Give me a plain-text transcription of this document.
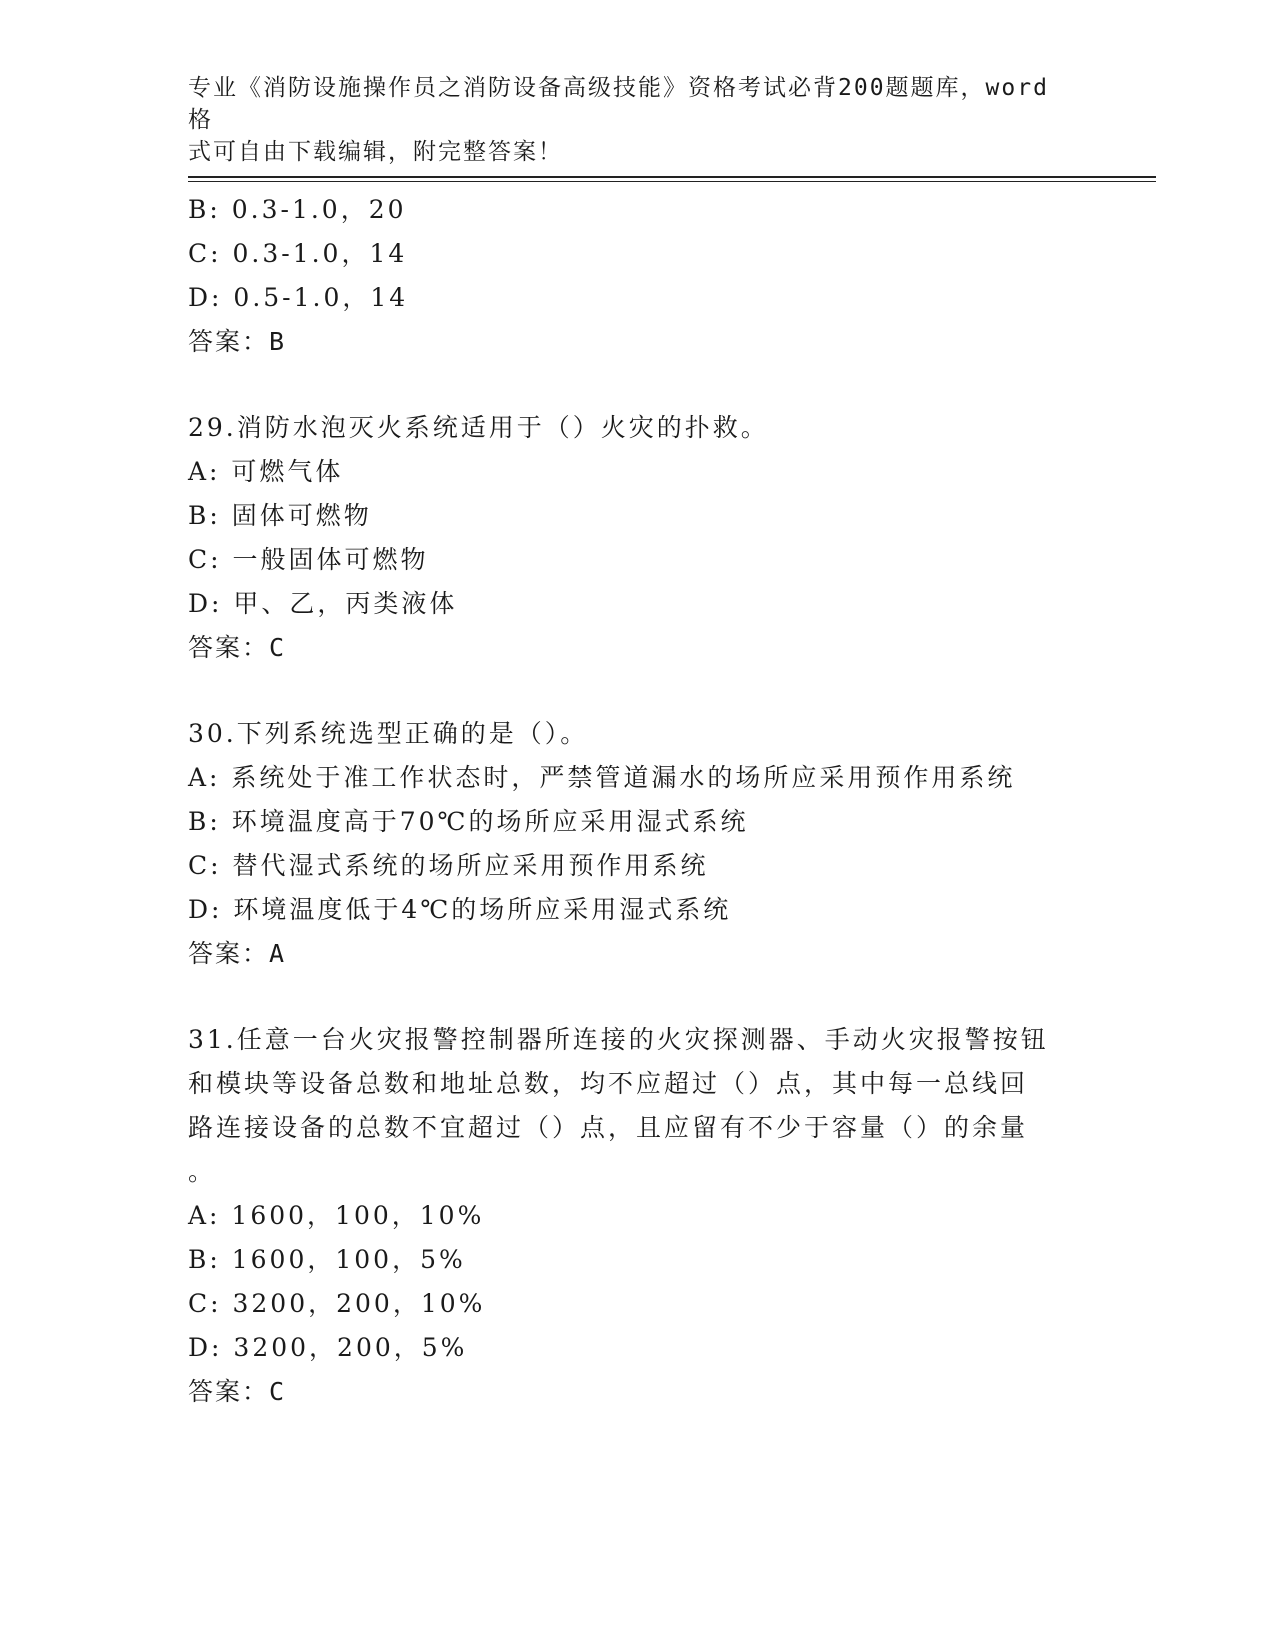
专业《消防设施操作员之消防设备高级技能》资格考试必背200题题库，word格
式可自由下载编辑，附完整答案！
B: 0.3-1.0，20
C: 0.3-1.0，14
D: 0.5-1.0，14
答案：B
29.消防水泡灭火系统适用于（）火灾的扑救。
A: 可燃气体
B: 固体可燃物
C: 一般固体可燃物
D: 甲、乙，丙类液体
答案：C
30.下列系统选型正确的是（）。
A: 系统处于准工作状态时，严禁管道漏水的场所应采用预作用系统
B: 环境温度高于70℃的场所应采用湿式系统
C: 替代湿式系统的场所应采用预作用系统
D: 环境温度低于4℃的场所应采用湿式系统
答案：A
31.任意一台火灾报警控制器所连接的火灾探测器、手动火灾报警按钮
和模块等设备总数和地址总数，均不应超过（）点，其中每一总线回
路连接设备的总数不宜超过（）点，且应留有不少于容量（）的余量
。
A: 1600，100，10%
B: 1600，100，5%
C: 3200，200，10%
D: 3200，200，5%
答案：C
